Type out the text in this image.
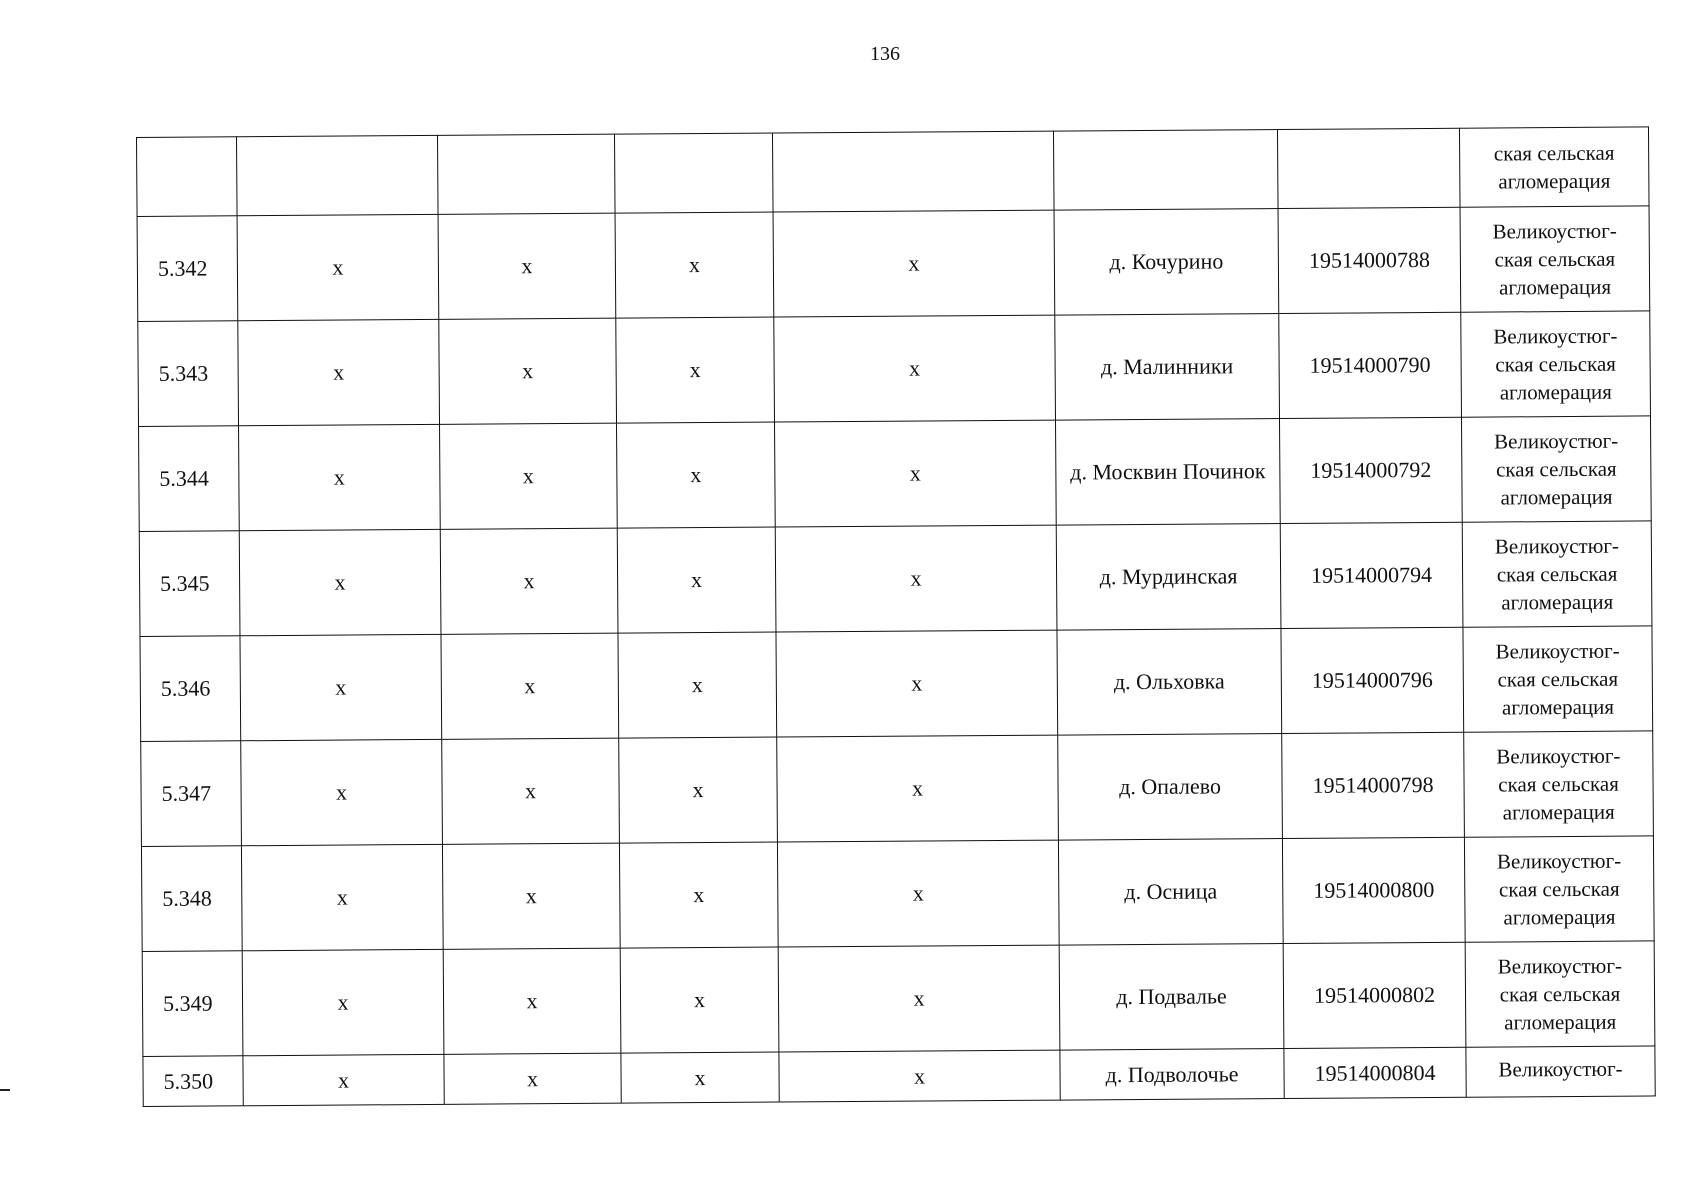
136

							ская сельская
агломерация

5.342	х	х	х	х	д. Кочурино	19514000788	Великоустюг-
ская сельская
агломерация

5.343	х	х	х	х	д. Малинники	19514000790	Великоустюг-
ская сельская
агломерация

5.344	х	х	х	х	д. Москвин Починок	19514000792	Великоустюг-
ская сельская
агломерация

5.345	х	х	х	х	д. Мурдинская	19514000794	Великоустюг-
ская сельская
агломерация

5.346	х	х	х	х	д. Ольховка	19514000796	Великоустюг-
ская сельская
агломерация

5.347	х	х	х	х	д. Опалево	19514000798	Великоустюг-
ская сельская
агломерация

5.348	х	х	х	х	д. Осница	19514000800	Великоустюг-
ская сельская
агломерация

5.349	х	х	х	х	д. Подвалье	19514000802	Великоустюг-
ская сельская
агломерация

5.350	х	х	х	х	д. Подволочье	19514000804	Великоустюг-
